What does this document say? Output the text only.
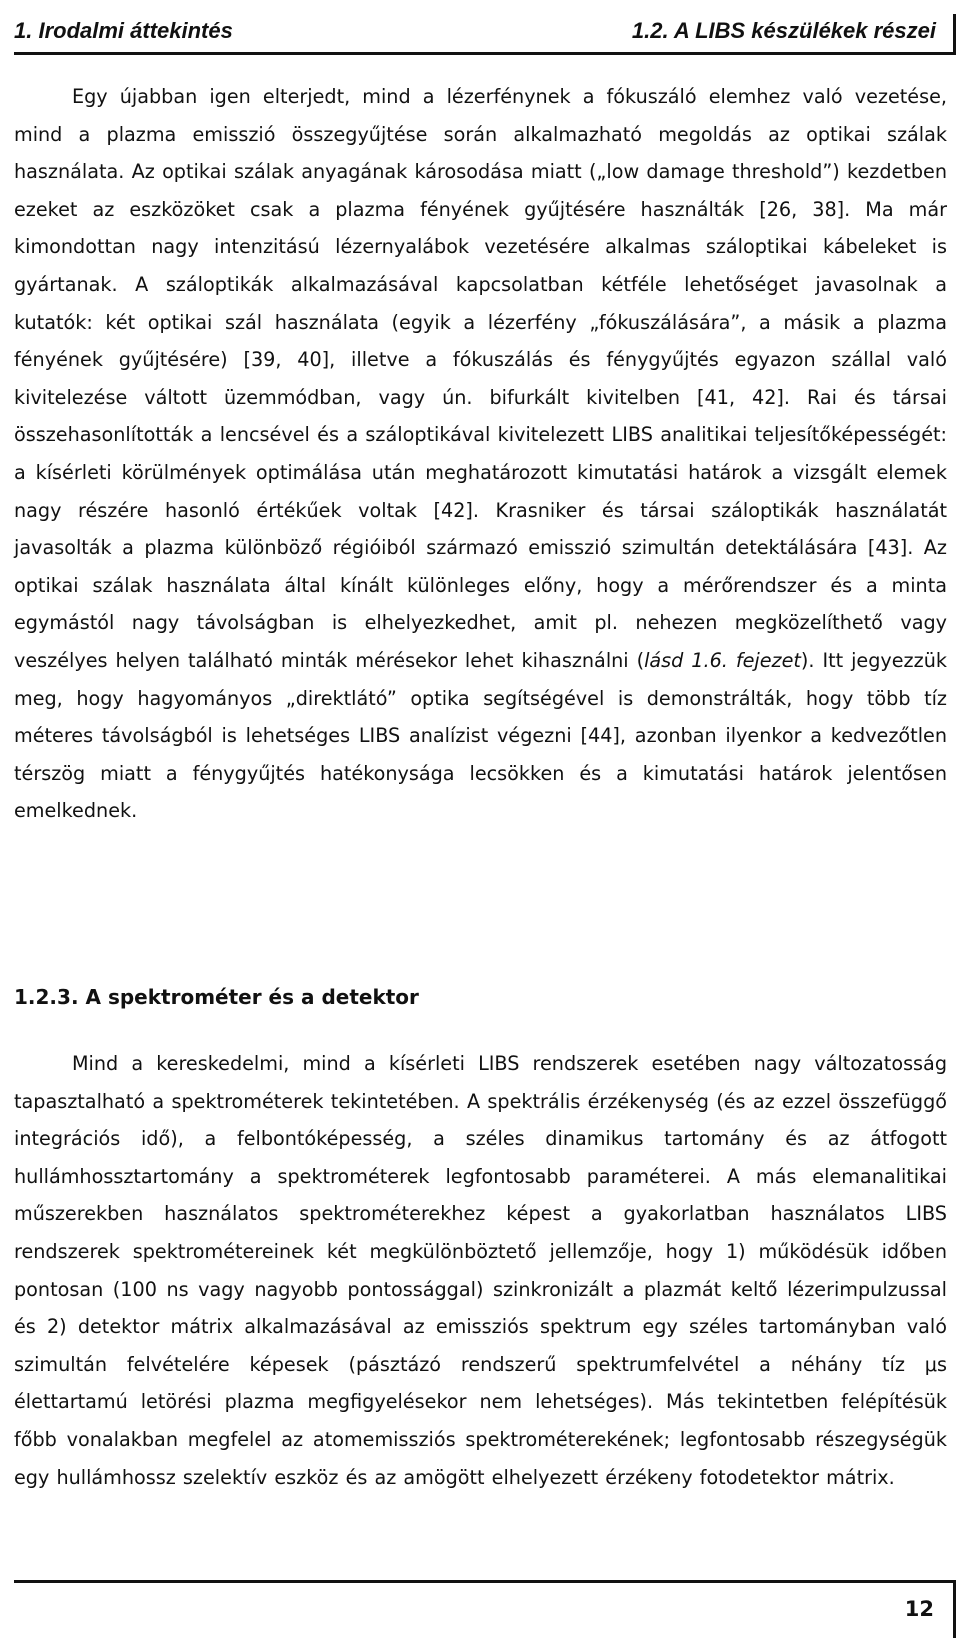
1. Irodalmi áttekintés	1.2. A LIBS készülékek részei

Egy újabban igen elterjedt, mind a lézerfénynek a fókuszáló elemhez való vezetése, mind a plazma emisszió összegyűjtése során alkalmazható megoldás az optikai szálak használata. Az optikai szálak anyagának károsodása miatt („low damage threshold”) kezdetben ezeket az eszközöket csak a plazma fényének gyűjtésére használták [26, 38]. Ma már kimondottan nagy intenzitású lézernyalábok vezetésére alkalmas száloptikai kábeleket is gyártanak. A száloptikák alkalmazásával kapcsolatban kétféle lehetőséget javasolnak a kutatók: két optikai szál használata (egyik a lézerfény „fókuszálására”, a másik a plazma fényének gyűjtésére) [39, 40], illetve a fókuszálás és fénygyűjtés egyazon szállal való kivitelezése váltott üzemmódban, vagy ún. bifurkált kivitelben [41, 42]. Rai és társai összehasonlították a lencsével és a száloptikával kivitelezett LIBS analitikai teljesítőképességét: a kísérleti körülmények optimálása után meghatározott kimutatási határok a vizsgált elemek nagy részére hasonló értékűek voltak [42]. Krasniker és társai száloptikák használatát javasolták a plazma különböző régióiból származó emisszió szimultán detektálására [43]. Az optikai szálak használata által kínált különleges előny, hogy a mérőrendszer és a minta egymástól nagy távolságban is elhelyezkedhet, amit pl. nehezen megközelíthető vagy veszélyes helyen található minták mérésekor lehet kihasználni (lásd 1.6. fejezet). Itt jegyezzük meg, hogy hagyományos „direktlátó” optika segítségével is demonstrálták, hogy több tíz méteres távolságból is lehetséges LIBS analízist végezni [44], azonban ilyenkor a kedvezőtlen térszög miatt a fénygyűjtés hatékonysága lecsökken és a kimutatási határok jelentősen emelkednek.

1.2.3. A spektrométer és a detektor

Mind a kereskedelmi, mind a kísérleti LIBS rendszerek esetében nagy változatosság tapasztalható a spektrométerek tekintetében. A spektrális érzékenység (és az ezzel összefüggő integrációs idő), a felbontóképesség, a széles dinamikus tartomány és az átfogott hullámhossztartomány a spektrométerek legfontosabb paraméterei. A más elemanalitikai műszerekben használatos spektrométerekhez képest a gyakorlatban használatos LIBS rendszerek spektrométereinek két megkülönböztető jellemzője, hogy 1) működésük időben pontosan (100 ns vagy nagyobb pontossággal) szinkronizált a plazmát keltő lézerimpulzussal és 2) detektor mátrix alkalmazásával az emissziós spektrum egy széles tartományban való szimultán felvételére képesek (pásztázó rendszerű spektrumfelvétel a néhány tíz μs élettartamú letörési plazma megfigyelésekor nem lehetséges). Más tekintetben felépítésük főbb vonalakban megfelel az atomemissziós spektrométerekének; legfontosabb részegységük egy hullámhossz szelektív eszköz és az amögött elhelyezett érzékeny fotodetektor mátrix.

12
